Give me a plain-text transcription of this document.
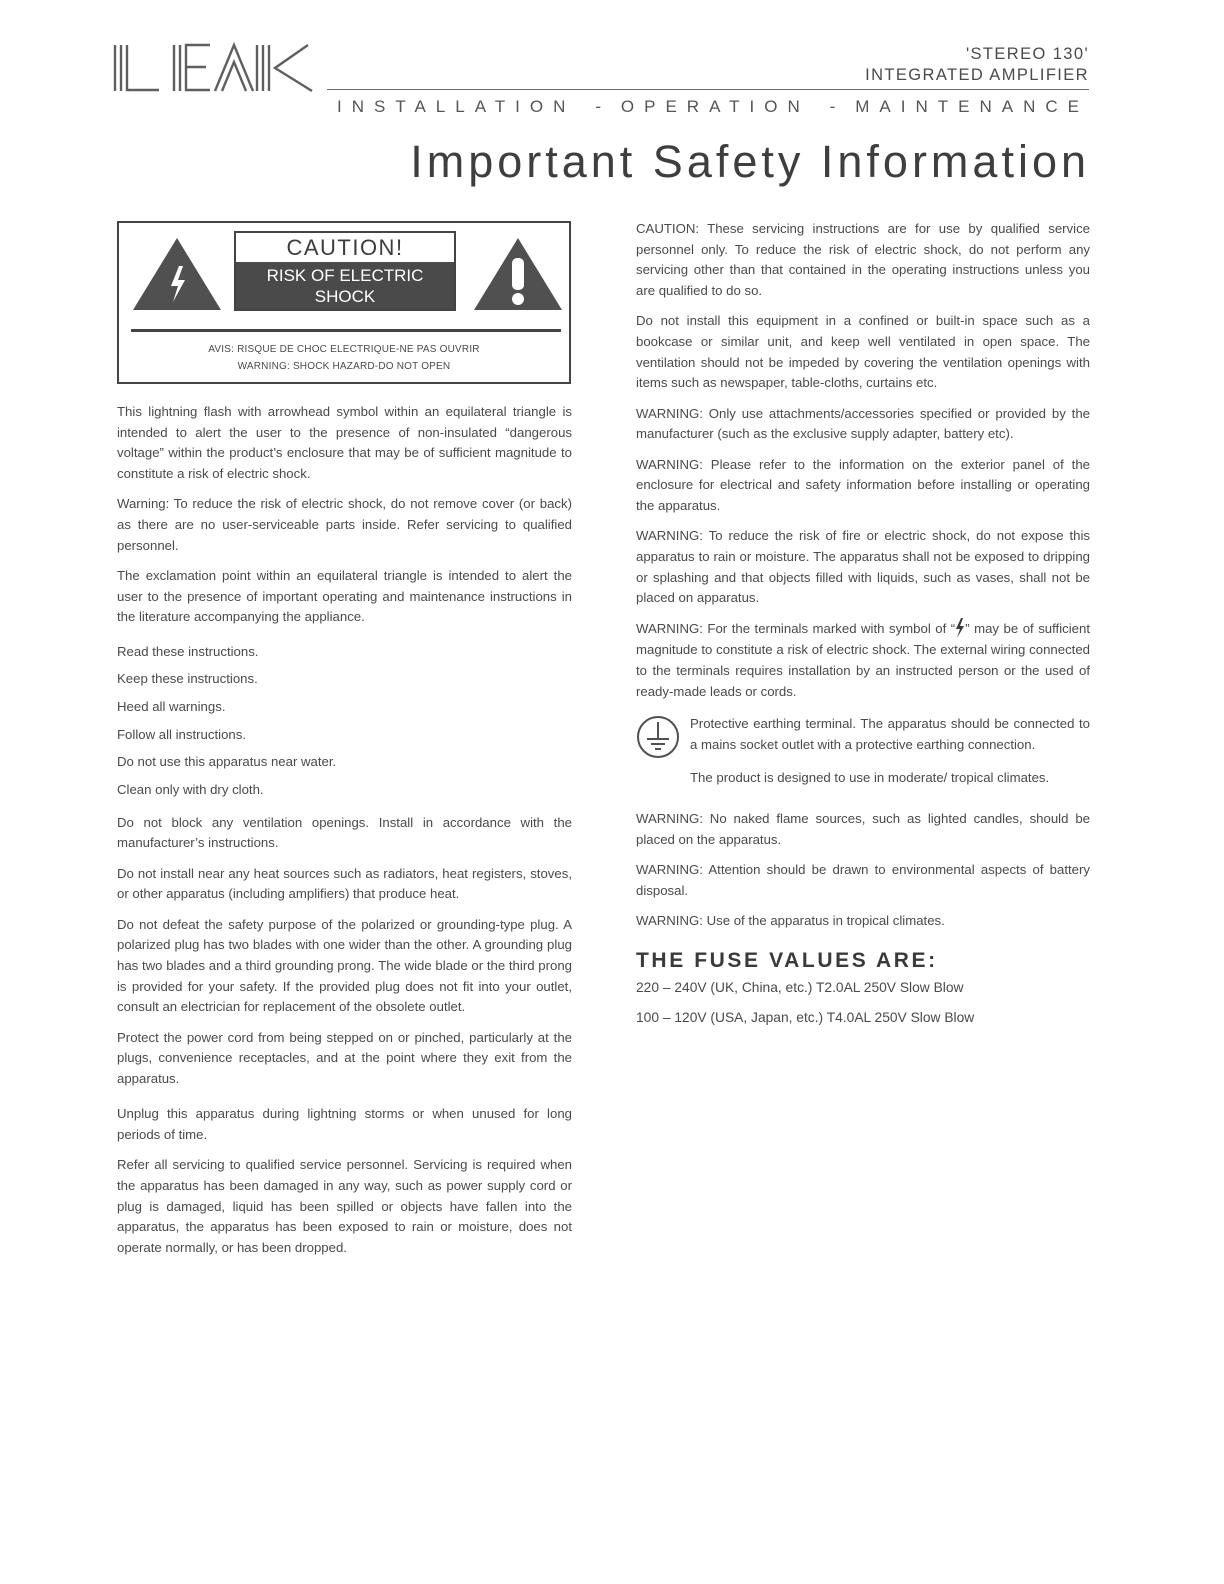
'STEREO 130'
INTEGRATED AMPLIFIER
INSTALLATION - OPERATION - MAINTENANCE
Important Safety Information
CAUTION!
RISK OF ELECTRIC SHOCK
DO NOT OPEN
AVIS: RISQUE DE CHOC ELECTRIQUE-NE PAS OUVRIR
WARNING: SHOCK HAZARD-DO NOT OPEN

This lightning flash with arrowhead symbol within an equilateral triangle is intended to alert the user to the presence of non-insulated “dangerous voltage” within the product’s enclosure that may be of sufficient magnitude to constitute a risk of electric shock.

Warning: To reduce the risk of electric shock, do not remove cover (or back) as there are no user-serviceable parts inside. Refer servicing to qualified personnel.

The exclamation point within an equilateral triangle is intended to alert the user to the presence of important operating and maintenance instructions in the literature accompanying the appliance.

Read these instructions.

Keep these instructions.

Heed all warnings.

Follow all instructions.

Do not use this apparatus near water.

Clean only with dry cloth.

Do not block any ventilation openings. Install in accordance with the manufacturer’s instructions.

Do not install near any heat sources such as radiators, heat registers, stoves, or other apparatus (including amplifiers) that produce heat.

Do not defeat the safety purpose of the polarized or grounding-type plug. A polarized plug has two blades with one wider than the other. A grounding plug has two blades and a third grounding prong. The wide blade or the third prong is provided for your safety. If the provided plug does not fit into your outlet, consult an electrician for replacement of the obsolete outlet.

Protect the power cord from being stepped on or pinched, particularly at the plugs, convenience receptacles, and at the point where they exit from the apparatus.

Unplug this apparatus during lightning storms or when unused for long periods of time.

Refer all servicing to qualified service personnel. Servicing is required when the apparatus has been damaged in any way, such as power supply cord or plug is damaged, liquid has been spilled or objects have fallen into the apparatus, the apparatus has been exposed to rain or moisture, does not operate normally, or has been dropped.

CAUTION: These servicing instructions are for use by qualified service personnel only. To reduce the risk of electric shock, do not perform any servicing other than that contained in the operating instructions unless you are qualified to do so.

Do not install this equipment in a confined or built-in space such as a bookcase or similar unit, and keep well ventilated in open space. The ventilation should not be impeded by covering the ventilation openings with items such as newspaper, table-cloths, curtains etc.

WARNING: Only use attachments/accessories specified or provided by the manufacturer (such as the exclusive supply adapter, battery etc).

WARNING: Please refer to the information on the exterior panel of the enclosure for electrical and safety information before installing or operating the apparatus.

WARNING: To reduce the risk of fire or electric shock, do not expose this apparatus to rain or moisture. The apparatus shall not be exposed to dripping or splashing and that objects filled with liquids, such as vases, shall not be placed on apparatus.

WARNING: For the terminals marked with symbol of “ ” may be of sufficient magnitude to constitute a risk of electric shock. The external wiring connected to the terminals requires installation by an instructed person or the used of ready-made leads or cords.

Protective earthing terminal. The apparatus should be connected to a mains socket outlet with a protective earthing connection.

The product is designed to use in moderate/ tropical climates.

WARNING: No naked flame sources, such as lighted candles, should be placed on the apparatus.

WARNING: Attention should be drawn to environmental aspects of battery disposal.

WARNING: Use of the apparatus in tropical climates.

THE FUSE VALUES ARE:

220 – 240V (UK, China, etc.) T2.0AL 250V Slow Blow

100 – 120V (USA, Japan, etc.) T4.0AL 250V Slow Blow
